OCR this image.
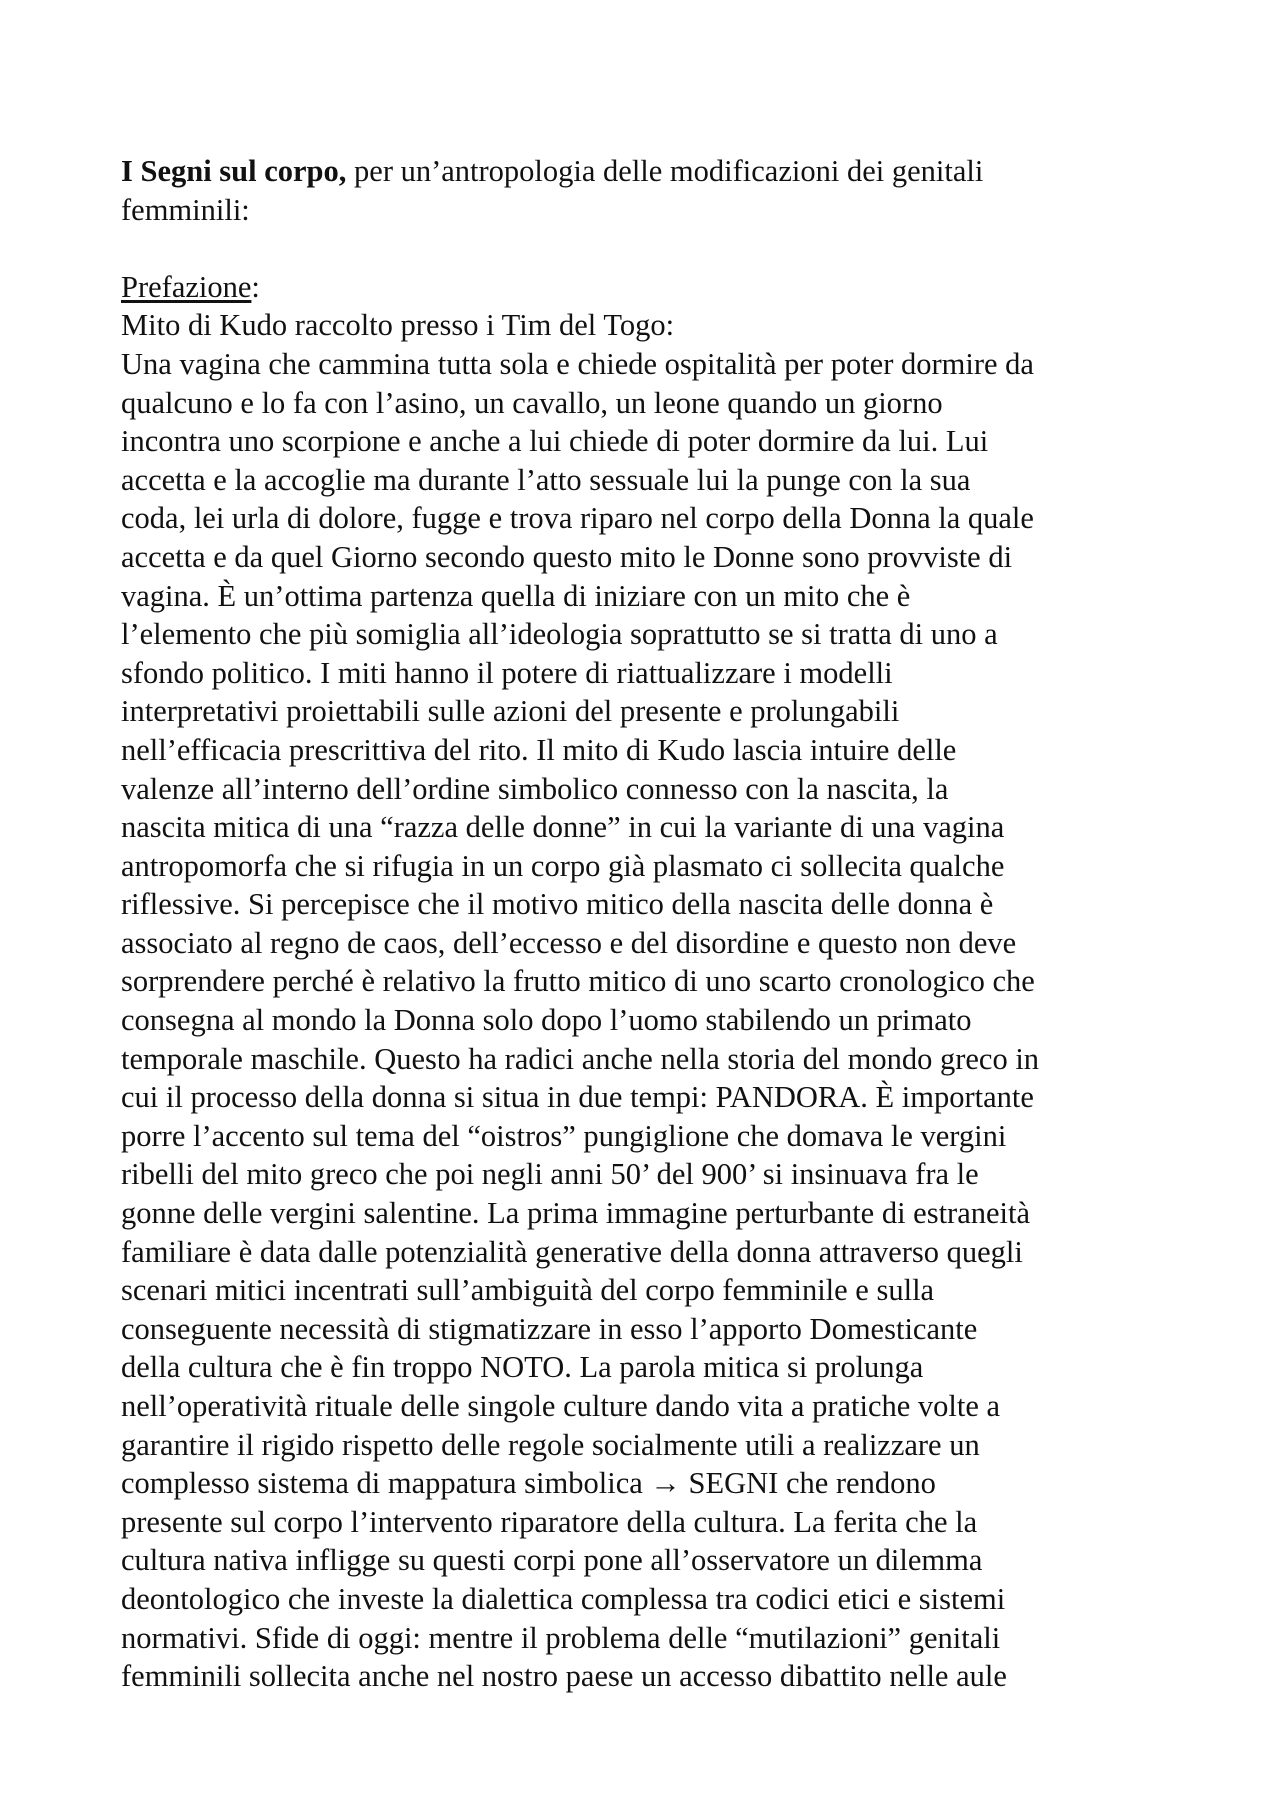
I Segni sul corpo, per un’antropologia delle modificazioni dei genitali
femminili:
Prefazione:
Mito di Kudo raccolto presso i Tim del Togo:
Una vagina che cammina tutta sola e chiede ospitalità per poter dormire da
qualcuno e lo fa con l’asino, un cavallo, un leone quando un giorno
incontra uno scorpione e anche a lui chiede di poter dormire da lui. Lui
accetta e la accoglie ma durante l’atto sessuale lui la punge con la sua
coda, lei urla di dolore, fugge e trova riparo nel corpo della Donna la quale
accetta e da quel Giorno secondo questo mito le Donne sono provviste di
vagina. È un’ottima partenza quella di iniziare con un mito che è
l’elemento che più somiglia all’ideologia soprattutto se si tratta di uno a
sfondo politico. I miti hanno il potere di riattualizzare i modelli
interpretativi proiettabili sulle azioni del presente e prolungabili
nell’efficacia prescrittiva del rito. Il mito di Kudo lascia intuire delle
valenze all’interno dell’ordine simbolico connesso con la nascita, la
nascita mitica di una “razza delle donne” in cui la variante di una vagina
antropomorfa che si rifugia in un corpo già plasmato ci sollecita qualche
riflessive. Si percepisce che il motivo mitico della nascita delle donna è
associato al regno de caos, dell’eccesso e del disordine e questo non deve
sorprendere perché è relativo la frutto mitico di uno scarto cronologico che
consegna al mondo la Donna solo dopo l’uomo stabilendo un primato
temporale maschile. Questo ha radici anche nella storia del mondo greco in
cui il processo della donna si situa in due tempi: PANDORA. È importante
porre l’accento sul tema del “oistros” pungiglione che domava le vergini
ribelli del mito greco che poi negli anni 50’ del 900’ si insinuava fra le
gonne delle vergini salentine. La prima immagine perturbante di estraneità
familiare è data dalle potenzialità generative della donna attraverso quegli
scenari mitici incentrati sull’ambiguità del corpo femminile e sulla
conseguente necessità di stigmatizzare in esso l’apporto Domesticante
della cultura che è fin troppo NOTO. La parola mitica si prolunga
nell’operatività rituale delle singole culture dando vita a pratiche volte a
garantire il rigido rispetto delle regole socialmente utili a realizzare un
complesso sistema di mappatura simbolica → SEGNI che rendono
presente sul corpo l’intervento riparatore della cultura. La ferita che la
cultura nativa infligge su questi corpi pone all’osservatore un dilemma
deontologico che investe la dialettica complessa tra codici etici e sistemi
normativi. Sfide di oggi: mentre il problema delle “mutilazioni” genitali
femminili sollecita anche nel nostro paese un accesso dibattito nelle aule
